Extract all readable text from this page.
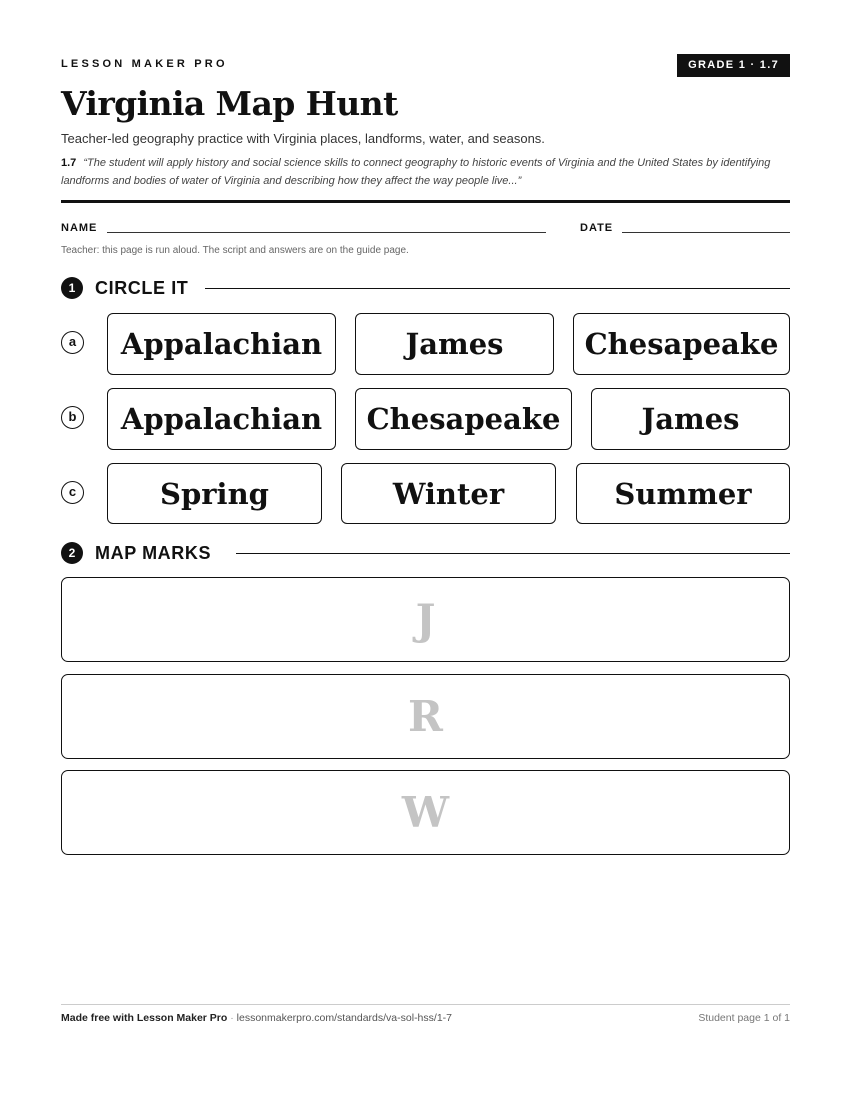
LESSON MAKER PRO	GRADE 1 · 1.7
Virginia Map Hunt
Teacher-led geography practice with Virginia places, landforms, water, and seasons.
1.7 “The student will apply history and social science skills to connect geography to historic events of Virginia and the United States by identifying landforms and bodies of water of Virginia and describing how they affect the way people live...”
NAME	DATE
Teacher: this page is run aloud. The script and answers are on the guide page.
1	CIRCLE IT
a	Appalachian	James	Chesapeake
b	Appalachian	Chesapeake	James
c	Spring	Winter	Summer
2	MAP MARKS
J
R
W
Made free with Lesson Maker Pro · lessonmakerpro.com/standards/va-sol-hss/1-7	Student page 1 of 1
